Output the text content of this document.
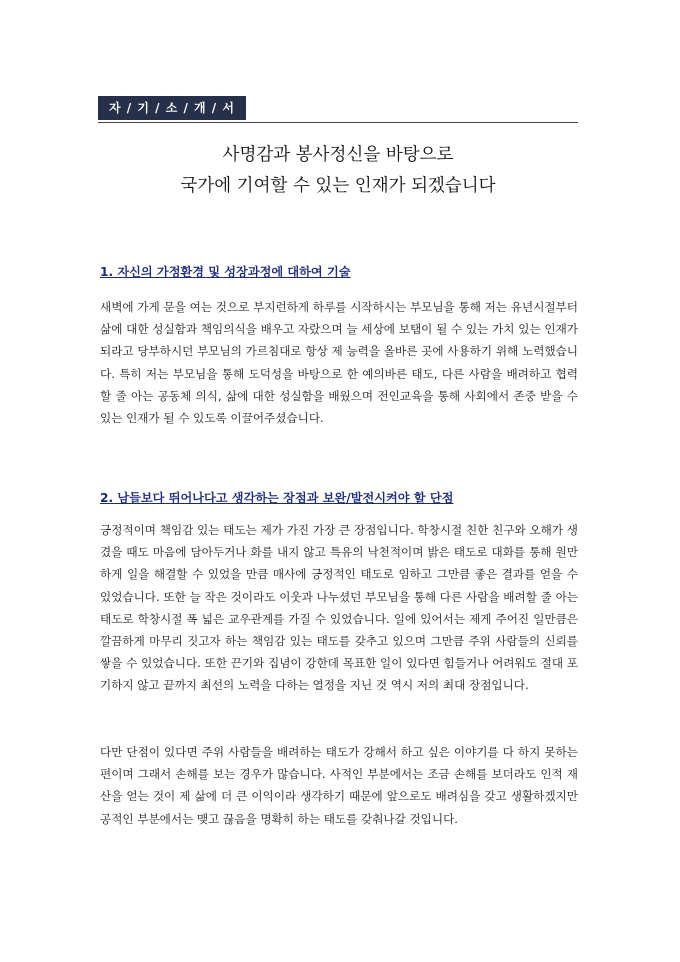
자 / 기 / 소 / 개 / 서
사명감과 봉사정신을 바탕으로
국가에 기여할 수 있는 인재가 되겠습니다
1. 자신의 가정환경 및 성장과정에 대하여 기술

새벽에 가게 문을 여는 것으로 부지런하게 하루를 시작하시는 부모님을 통해 저는 유년시절부터 삶에 대한 성실함과 책임의식을 배우고 자랐으며 늘 세상에 보탬이 될 수 있는 가치 있는 인재가 되라고 당부하시던 부모님의 가르침대로 항상 제 능력을 올바른 곳에 사용하기 위해 노력했습니다. 특히 저는 부모님을 통해 도덕성을 바탕으로 한 예의바른 태도, 다른 사람을 배려하고 협력할 줄 아는 공동체 의식, 삶에 대한 성실함을 배웠으며 전인교육을 통해 사회에서 존중 받을 수 있는 인재가 될 수 있도록 이끌어주셨습니다.

2. 남들보다 뛰어나다고 생각하는 장점과 보완/발전시켜야 할 단점

긍정적이며 책임감 있는 태도는 제가 가진 가장 큰 장점입니다. 학창시절 친한 친구와 오해가 생겼을 때도 마음에 담아두거나 화를 내지 않고 특유의 낙천적이며 밝은 태도로 대화를 통해 원만하게 일을 해결할 수 있었을 만큼 매사에 긍정적인 태도로 임하고 그만큼 좋은 결과를 얻을 수 있었습니다. 또한 늘 작은 것이라도 이웃과 나누셨던 부모님을 통해 다른 사람을 배려할 줄 아는 태도로 학창시절 폭 넓은 교우관계를 가질 수 있었습니다. 일에 있어서는 제게 주어진 일만큼은 깔끔하게 마무리 짓고자 하는 책임감 있는 태도를 갖추고 있으며 그만큼 주위 사람들의 신뢰를 쌓을 수 있었습니다. 또한 끈기와 집념이 강한데 목표한 일이 있다면 힘들거나 어려워도 절대 포기하지 않고 끝까지 최선의 노력을 다하는 열정을 지닌 것 역시 저의 최대 장점입니다.

다만 단점이 있다면 주위 사람들을 배려하는 태도가 강해서 하고 싶은 이야기를 다 하지 못하는 편이며 그래서 손해를 보는 경우가 많습니다. 사적인 부분에서는 조금 손해를 보더라도 인적 재산을 얻는 것이 제 삶에 더 큰 이익이라 생각하기 때문에 앞으로도 배려심을 갖고 생활하겠지만 공적인 부분에서는 맺고 끊음을 명확히 하는 태도를 갖춰나갈 것입니다.
